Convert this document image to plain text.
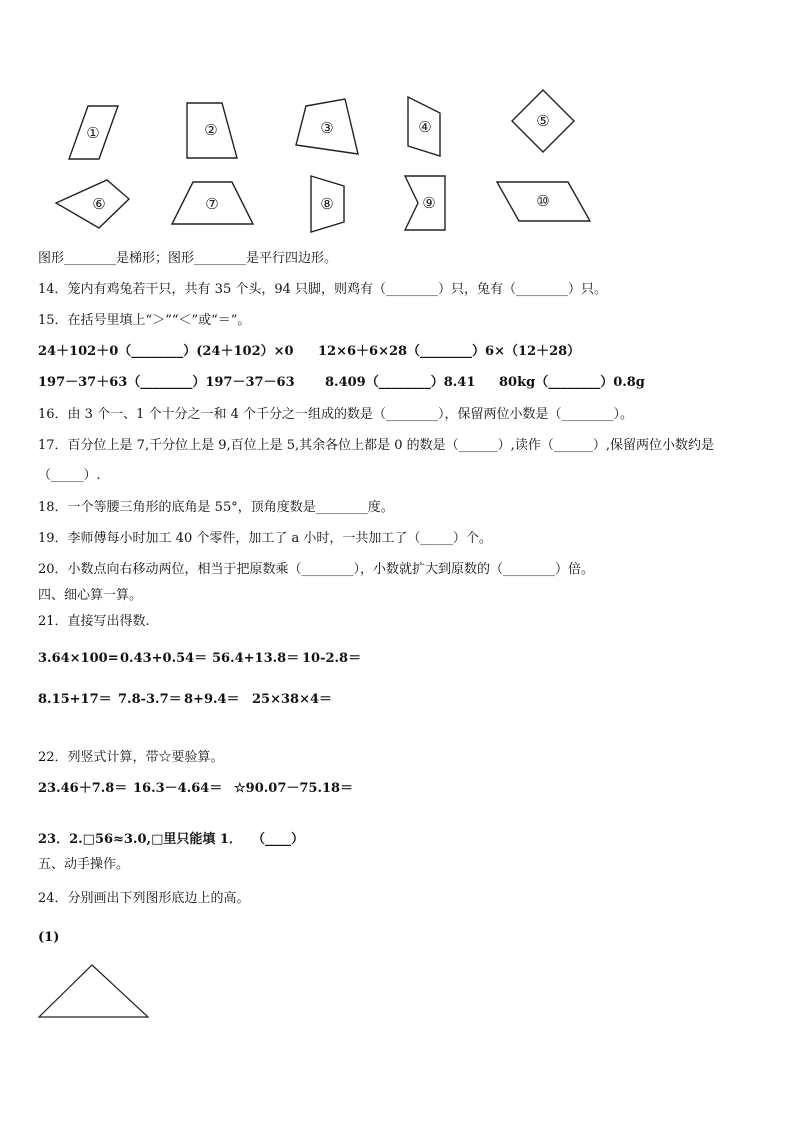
①	②	③	④	⑤
⑥	⑦	⑧	⑨	⑩
图形________是梯形；图形________是平行四边形。
14．笼内有鸡兔若干只，共有 35 个头，94 只脚，则鸡有（________）只，兔有（________）只。
15．在括号里填上“＞”“＜”或“＝”。
24＋102＋0（________）(24＋102）×0 12×6＋6×28（________）6×（12＋28）
197－37＋63（________）197－37－63 8.409（________）8.41 80kg（________）0.8g
16．由 3 个一、1 个十分之一和 4 个千分之一组成的数是（________），保留两位小数是（________）。
17．百分位上是 7,千分位上是 9,百位上是 5,其余各位上都是 0 的数是（______）,读作（______）,保留两位小数约是
（_____）.
18．一个等腰三角形的底角是 55°，顶角度数是________度。
19．李师傅每小时加工 40 个零件，加工了 a 小时，一共加工了（_____）个。
20．小数点向右移动两位，相当于把原数乘（________），小数就扩大到原数的（________）倍。
四、细心算一算。
21．直接写出得数.
3.64×100= 0.43+0.54＝ 56.4+13.8＝ 10-2.8＝
8.15+17＝ 7.8-3.7＝ 8+9.4＝ 25×38×4＝
22．列竖式计算，带☆要验算。
23.46＋7.8＝ 16.3－4.64＝ ☆90.07－75.18＝
23．2.□56≈3.0,□里只能填 1． （____）
五、动手操作。
24．分别画出下列图形底边上的高。
(1)
